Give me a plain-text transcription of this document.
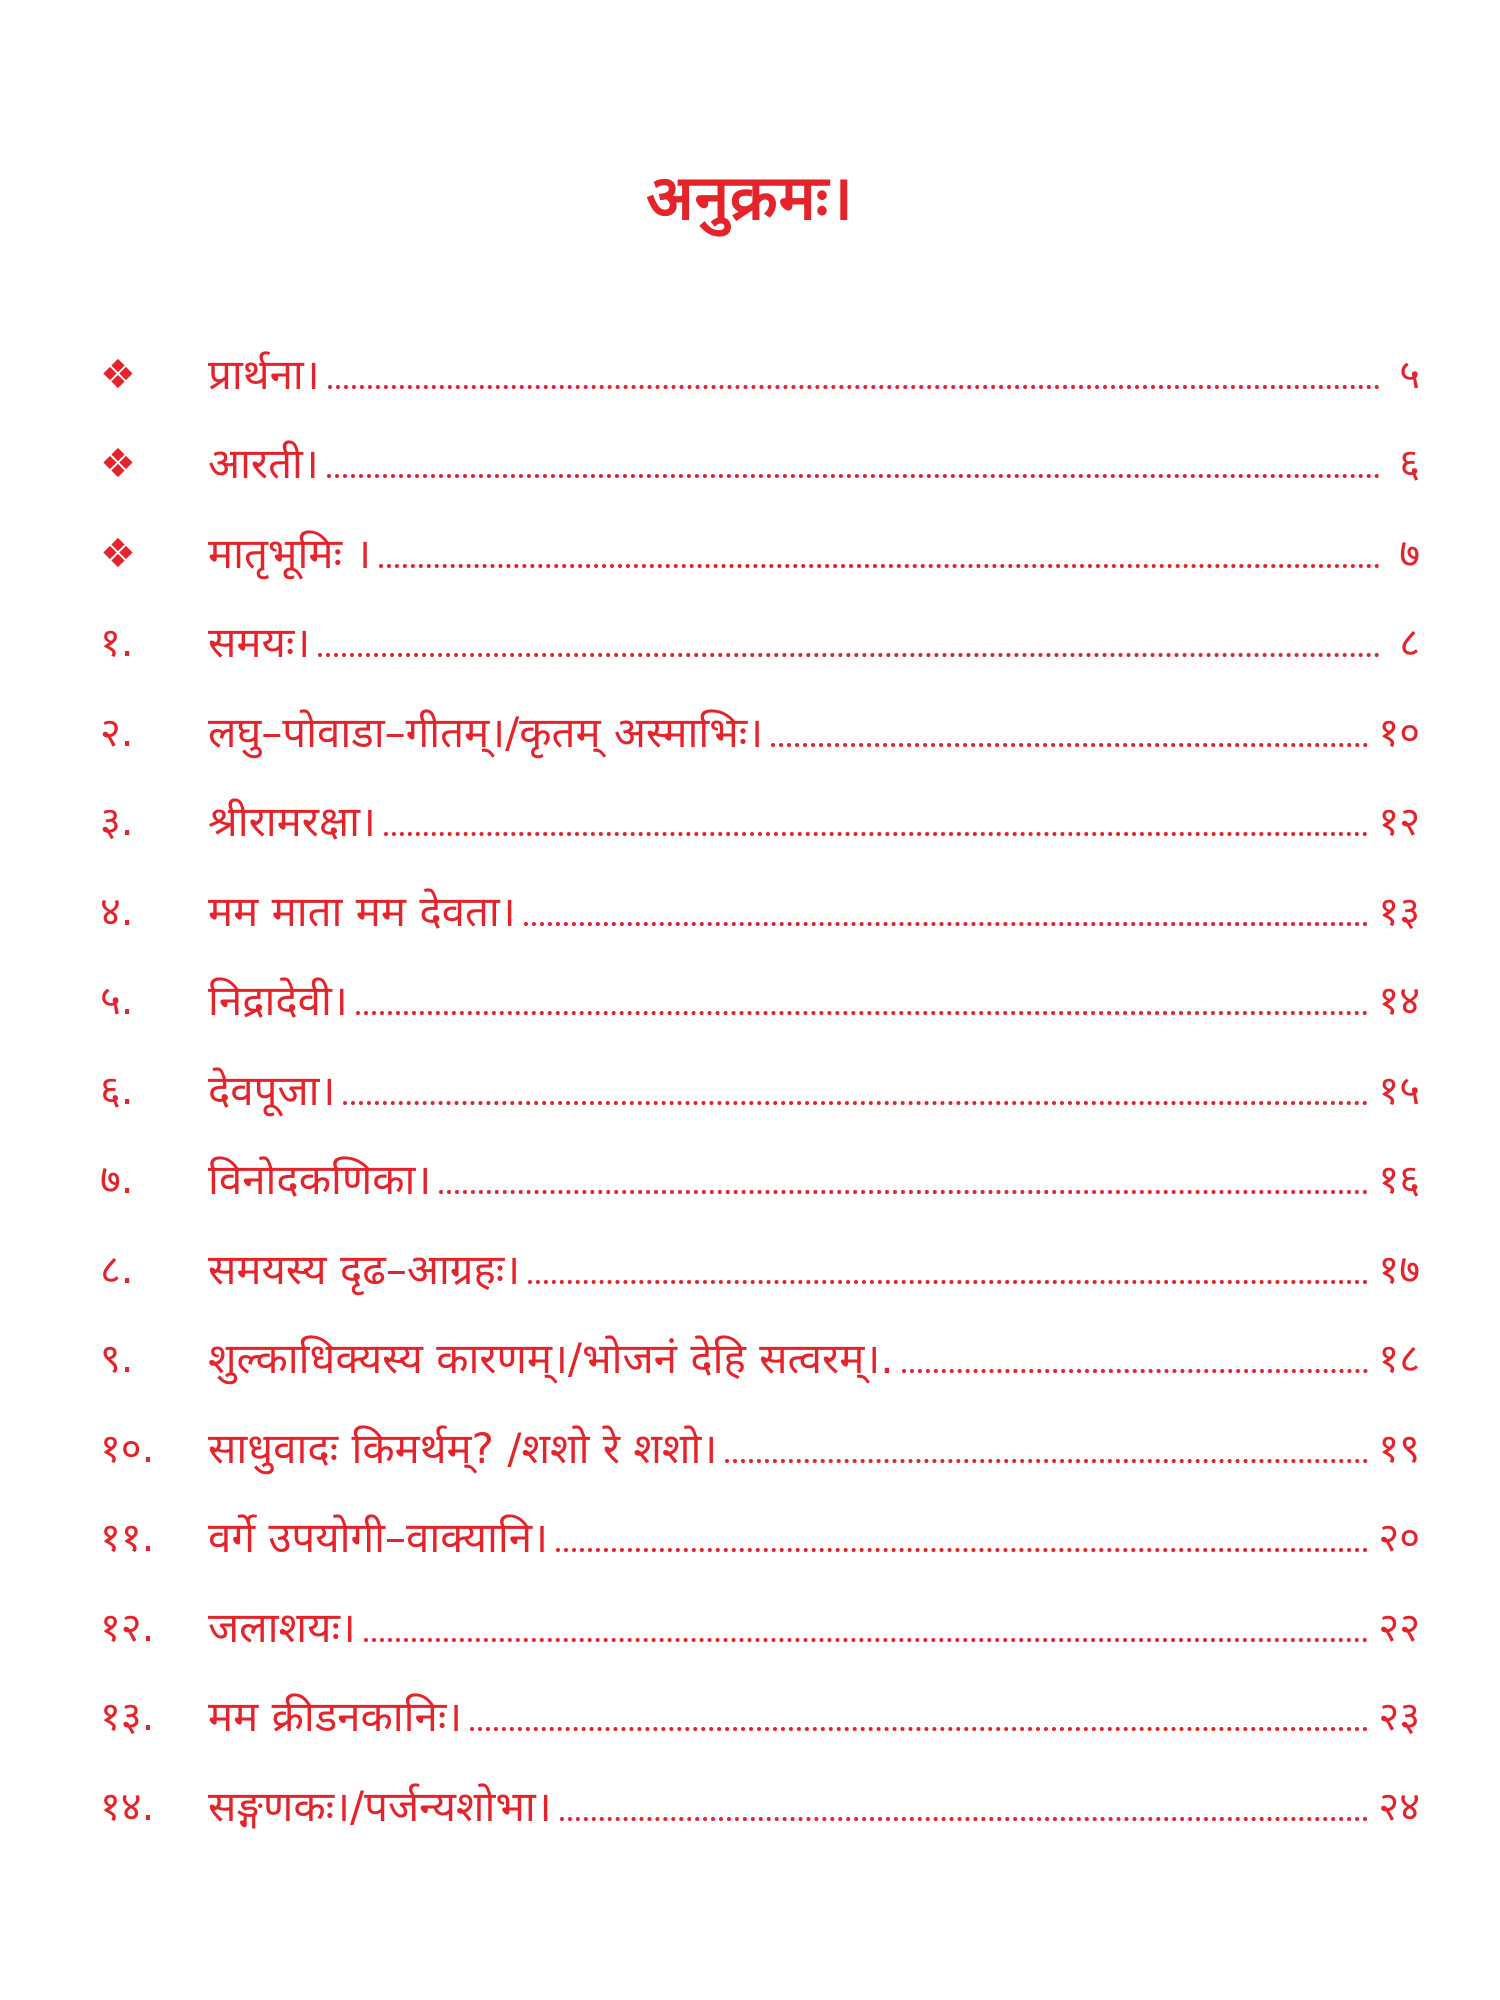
अनुक्रमः।
❖	प्रार्थना।	५
❖	आरती।	६
❖	मातृभूमिः ।	७
१.	समयः।	८
२.	लघु–पोवाडा–गीतम्।/कृतम् अस्माभिः।	१०
३.	श्रीरामरक्षा।	१२
४.	मम माता मम देवता।	१३
५.	निद्रादेवी।	१४
६.	देवपूजा।	१५
७.	विनोदकणिका।	१६
८.	समयस्य दृढ–आग्रहः।	१७
९.	शुल्काधिक्यस्य कारणम्।/भोजनं देहि सत्वरम्।.	१८
१०.	साधुवादः किमर्थम्? /शशो रे शशो।	१९
११.	वर्गे उपयोगी–वाक्यानि।	२०
१२.	जलाशयः।	२२
१३.	मम क्रीडनकानिः।	२३
१४.	सङ्गणकः।/पर्जन्यशोभा।	२४
